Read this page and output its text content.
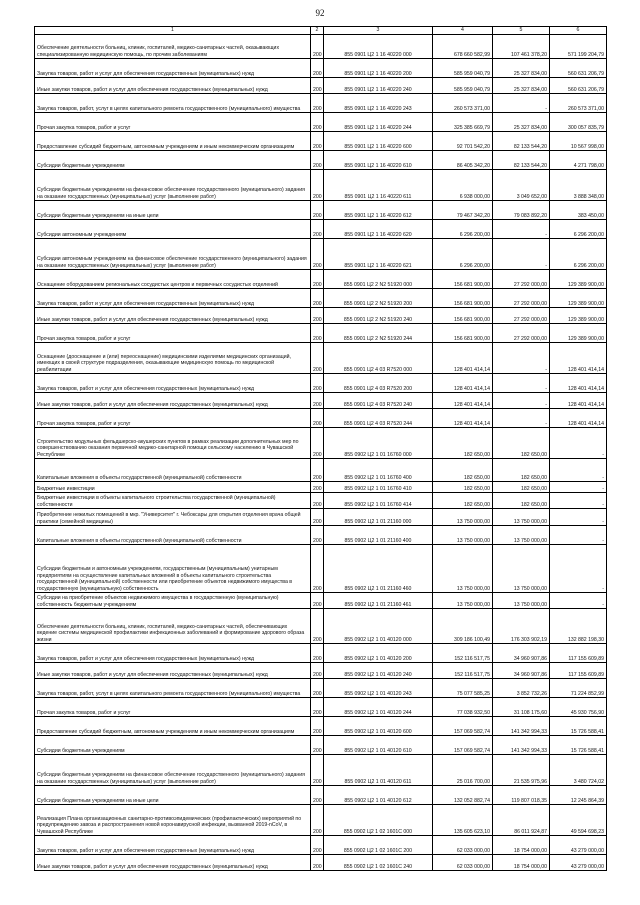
92
1	2	3	4	5	6
Обеспечение деятельности больниц, клиник, госпиталей, медико-санитарных частей, оказывающих специализированную медицинскую помощь, по прочим заболеваниям	200	855 0901 Ц2 1 16 40220 000	678 660 582,99	107 461 378,20	571 199 204,79
Закупка товаров, работ и услуг для обеспечения государственных (муниципальных) нужд	200	855 0901 Ц2 1 16 40220 200	585 959 040,79	25 327 834,00	560 631 206,79
Иные закупки товаров, работ и услуг для обеспечения государственных (муниципальных) нужд	200	855 0901 Ц2 1 16 40220 240	585 959 040,79	25 327 834,00	560 631 206,79
Закупка товаров, работ, услуг в целях капитального ремонта государственного (муниципального) имущества	200	855 0901 Ц2 1 16 40220 243	260 573 371,00	-	260 573 371,00
Прочая закупка товаров, работ и услуг	200	855 0901 Ц2 1 16 40220 244	325 385 669,79	25 327 834,00	300 057 835,79
Предоставление субсидий бюджетным, автономным учреждениям и иным некоммерческим организациям	200	855 0901 Ц2 1 16 40220 600	92 701 542,20	82 133 544,20	10 567 998,00
Субсидии бюджетным учреждениям	200	855 0901 Ц2 1 16 40220 610	86 405 342,20	82 133 544,20	4 271 798,00
Субсидии бюджетным учреждениям на финансовое обеспечение государственного (муниципального) задания на оказание государственных (муниципальных) услуг (выполнение работ)	200	855 0901 Ц2 1 16 40220 611	6 938 000,00	3 049 652,00	3 888 348,00
Субсидии бюджетным учреждениям на иные цели	200	855 0901 Ц2 1 16 40220 612	79 467 342,20	79 083 892,20	383 450,00
Субсидии автономным учреждениям	200	855 0901 Ц2 1 16 40220 620	6 296 200,00	-	6 296 200,00
Субсидии автономным учреждениям на финансовое обеспечение государственного (муниципального) задания на оказание государственных (муниципальных) услуг (выполнение работ)	200	855 0901 Ц2 1 16 40220 621	6 296 200,00	-	6 296 200,00
Оснащение оборудованием региональных сосудистых центров и первичных сосудистых отделений	200	855 0901 Ц2 2 N2 51920 000	156 681 900,00	27 292 000,00	129 389 900,00
Закупка товаров, работ и услуг для обеспечения государственных (муниципальных) нужд	200	855 0901 Ц2 2 N2 51920 200	156 681 900,00	27 292 000,00	129 389 900,00
Иные закупки товаров, работ и услуг для обеспечения государственных (муниципальных) нужд	200	855 0901 Ц2 2 N2 51920 240	156 681 900,00	27 292 000,00	129 389 900,00
Прочая закупка товаров, работ и услуг	200	855 0901 Ц2 2 N2 51920 244	156 681 900,00	27 292 000,00	129 389 900,00
Оснащение (дооснащение и (или) переоснащение) медицинскими изделиями медицинских организаций, имеющих в своей структуре подразделения, оказывающие медицинскую помощь по медицинской реабилитации	200	855 0901 Ц2 4 03 R7520 000	128 401 414,14	-	128 401 414,14
Закупка товаров, работ и услуг для обеспечения государственных (муниципальных) нужд	200	855 0901 Ц2 4 03 R7520 200	128 401 414,14	-	128 401 414,14
Иные закупки товаров, работ и услуг для обеспечения государственных (муниципальных) нужд	200	855 0901 Ц2 4 03 R7520 240	128 401 414,14	-	128 401 414,14
Прочая закупка товаров, работ и услуг	200	855 0901 Ц2 4 03 R7520 244	128 401 414,14	-	128 401 414,14
Строительство модульных фельдшерско-акушерских пунктов в рамках реализации дополнительных мер по совершенствованию оказания первичной медико-санитарной помощи сельскому населению в Чувашской Республике	200	855 0902 Ц2 1 01 16760 000	182 650,00	182 650,00	-
Капитальные вложения в объекты государственной (муниципальной) собственности	200	855 0902 Ц2 1 01 16760 400	182 650,00	182 650,00	-
Бюджетные инвестиции	200	855 0902 Ц2 1 01 16760 410	182 650,00	182 650,00	-
Бюджетные инвестиции в объекты капитального строительства государственной (муниципальной) собственности	200	855 0902 Ц2 1 01 16760 414	182 650,00	182 650,00	-
Приобретение нежилых помещений в мкр. "Университет" г. Чебоксары для открытия отделения врача общей практики (семейной медицины)	200	855 0902 Ц2 1 01 21160 000	13 750 000,00	13 750 000,00	-
Капитальные вложения в объекты государственной (муниципальной) собственности	200	855 0902 Ц2 1 01 21160 400	13 750 000,00	13 750 000,00	-
Субсидии бюджетным и автономным учреждениям, государственным (муниципальным) унитарным предприятиям на осуществление капитальных вложений в объекты капитального строительства государственной (муниципальной) собственности или приобретение объектов недвижимого имущества в государственную (муниципальную) собственность	200	855 0902 Ц2 1 01 21160 460	13 750 000,00	13 750 000,00	-
Субсидии на приобретение объектов недвижимого имущества в государственную (муниципальную) собственность бюджетным учреждениям	200	855 0902 Ц2 1 01 21160 461	13 750 000,00	13 750 000,00	-
Обеспечение деятельности больниц, клиник, госпиталей, медико-санитарных частей, обеспечивающих ведение системы медицинской профилактики инфекционных заболеваний и формирование здорового образа жизни	200	855 0902 Ц2 1 01 40120 000	309 186 100,49	176 303 902,19	132 882 198,30
Закупка товаров, работ и услуг для обеспечения государственных (муниципальных) нужд	200	855 0902 Ц2 1 01 40120 200	152 116 517,75	34 960 907,86	117 155 609,89
Иные закупки товаров, работ и услуг для обеспечения государственных (муниципальных) нужд	200	855 0902 Ц2 1 01 40120 240	152 116 517,75	34 960 907,86	117 155 609,89
Закупка товаров, работ, услуг в целях капитального ремонта государственного (муниципального) имущества	200	855 0902 Ц2 1 01 40120 243	75 077 585,25	3 852 732,26	71 224 852,99
Прочая закупка товаров, работ и услуг	200	855 0902 Ц2 1 01 40120 244	77 038 932,50	31 108 175,60	45 930 756,90
Предоставление субсидий бюджетным, автономным учреждениям и иным некоммерческим организациям	200	855 0902 Ц2 1 01 40120 600	157 069 582,74	141 342 994,33	15 726 588,41
Субсидии бюджетным учреждениям	200	855 0902 Ц2 1 01 40120 610	157 069 582,74	141 342 994,33	15 726 588,41
Субсидии бюджетным учреждениям на финансовое обеспечение государственного (муниципального) задания на оказание государственных (муниципальных) услуг (выполнение работ)	200	855 0902 Ц2 1 01 40120 611	25 016 700,00	21 535 975,96	3 480 724,02
Субсидии бюджетным учреждениям на иные цели	200	855 0902 Ц2 1 01 40120 612	132 052 882,74	119 807 018,35	12 245 864,39
Реализация Плана организационных санитарно-противоэпидемических (профилактических) мероприятий по предупреждению завоза и распространения новой коронавирусной инфекции, вызванной 2019-nCoV, в Чувашской Республике	200	855 0902 Ц2 1 02 1601C 000	135 605 623,10	86 011 924,87	49 594 698,23
Закупка товаров, работ и услуг для обеспечения государственных (муниципальных) нужд	200	855 0902 Ц2 1 02 1601C 200	62 033 000,00	18 754 000,00	43 279 000,00
Иные закупки товаров, работ и услуг для обеспечения государственных (муниципальных) нужд	200	855 0902 Ц2 1 02 1601C 240	62 033 000,00	18 754 000,00	43 279 000,00
